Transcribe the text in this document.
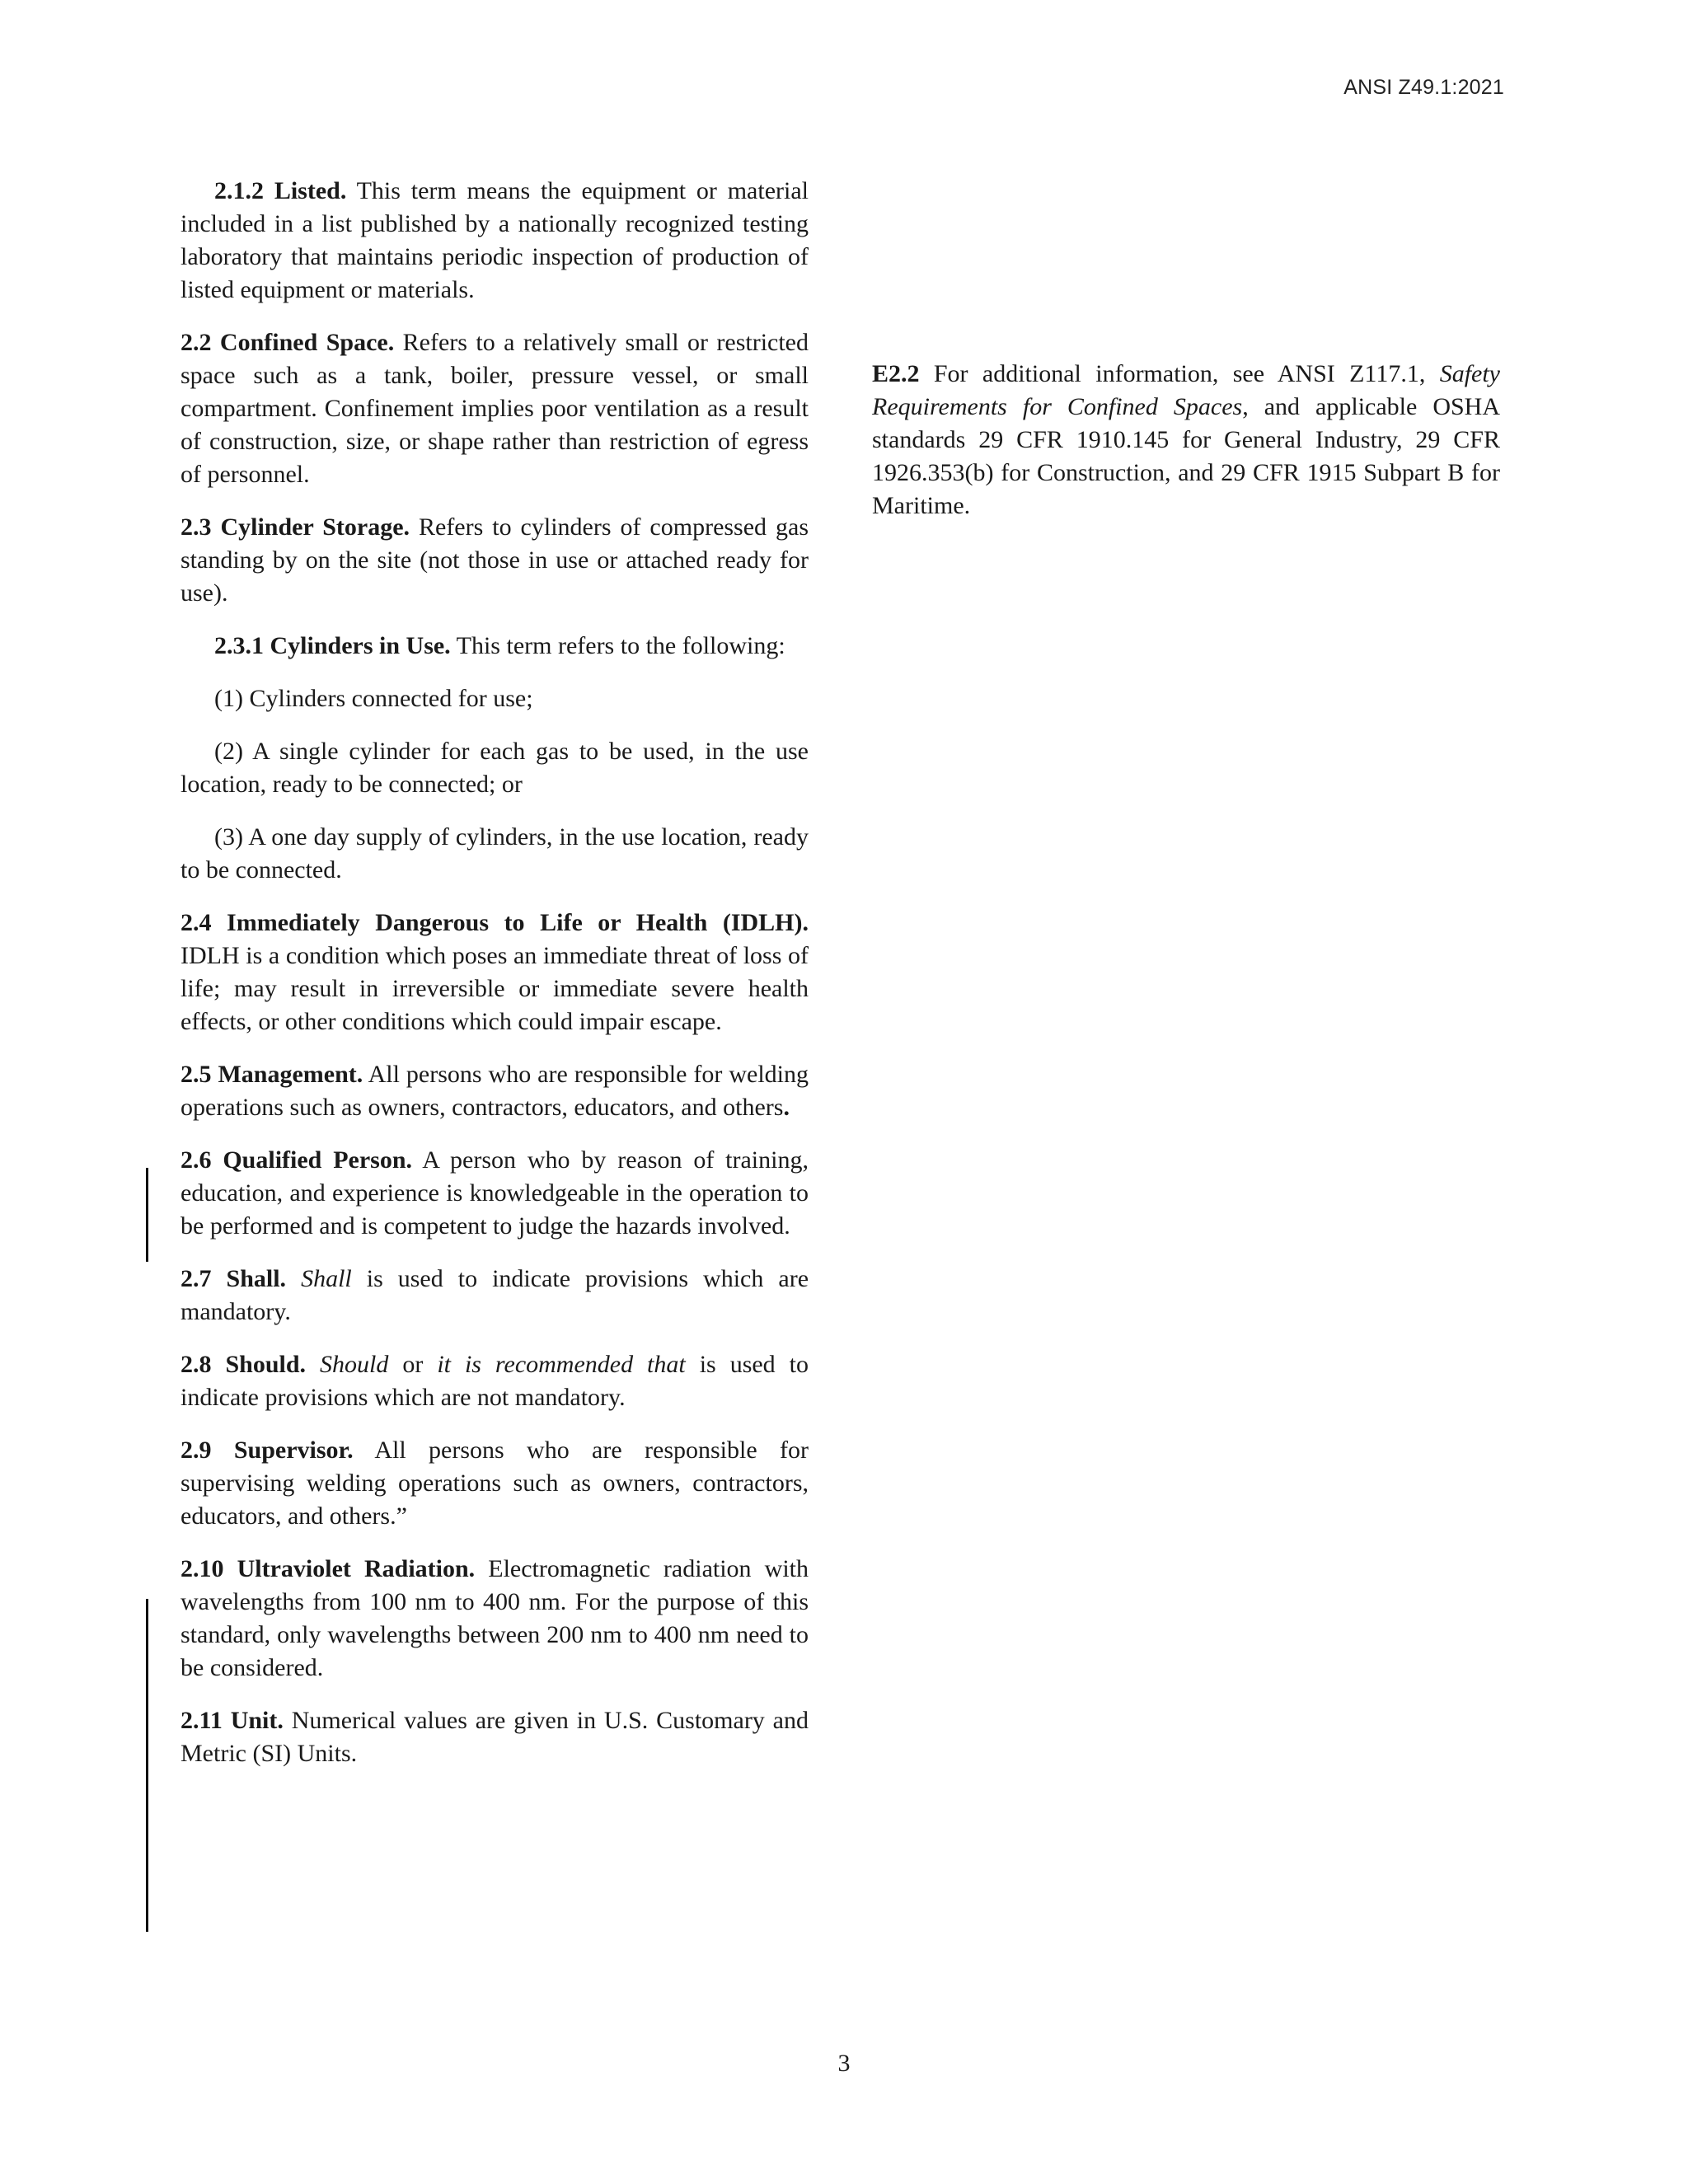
ANSI Z49.1:2021

2.1.2 Listed. This term means the equipment or material included in a list published by a nationally recognized testing laboratory that maintains periodic inspection of production of listed equipment or materials.

2.2 Confined Space. Refers to a relatively small or restricted space such as a tank, boiler, pressure vessel, or small compartment. Confinement implies poor ventilation as a result of construction, size, or shape rather than restriction of egress of personnel.

2.3 Cylinder Storage. Refers to cylinders of compressed gas standing by on the site (not those in use or attached ready for use).

2.3.1 Cylinders in Use. This term refers to the following:

(1) Cylinders connected for use;

(2) A single cylinder for each gas to be used, in the use location, ready to be connected; or

(3) A one day supply of cylinders, in the use location, ready to be connected.

2.4 Immediately Dangerous to Life or Health (IDLH). IDLH is a condition which poses an immediate threat of loss of life; may result in irreversible or immediate severe health effects, or other conditions which could impair escape.

2.5 Management. All persons who are responsible for welding operations such as owners, contractors, educators, and others.

2.6 Qualified Person. A person who by reason of training, education, and experience is knowledgeable in the operation to be performed and is competent to judge the hazards involved.

2.7 Shall. Shall is used to indicate provisions which are mandatory.

2.8 Should. Should or it is recommended that is used to indicate provisions which are not mandatory.

2.9 Supervisor. All persons who are responsible for supervising welding operations such as owners, contractors, educators, and others.”

2.10 Ultraviolet Radiation. Electromagnetic radiation with wavelengths from 100 nm to 400 nm. For the purpose of this standard, only wavelengths between 200 nm to 400 nm need to be considered.

2.11 Unit. Numerical values are given in U.S. Customary and Metric (SI) Units.

E2.2 For additional information, see ANSI Z117.1, Safety Requirements for Confined Spaces, and applicable OSHA standards 29 CFR 1910.145 for General Industry, 29 CFR 1926.353(b) for Construction, and 29 CFR 1915 Subpart B for Maritime.

3
